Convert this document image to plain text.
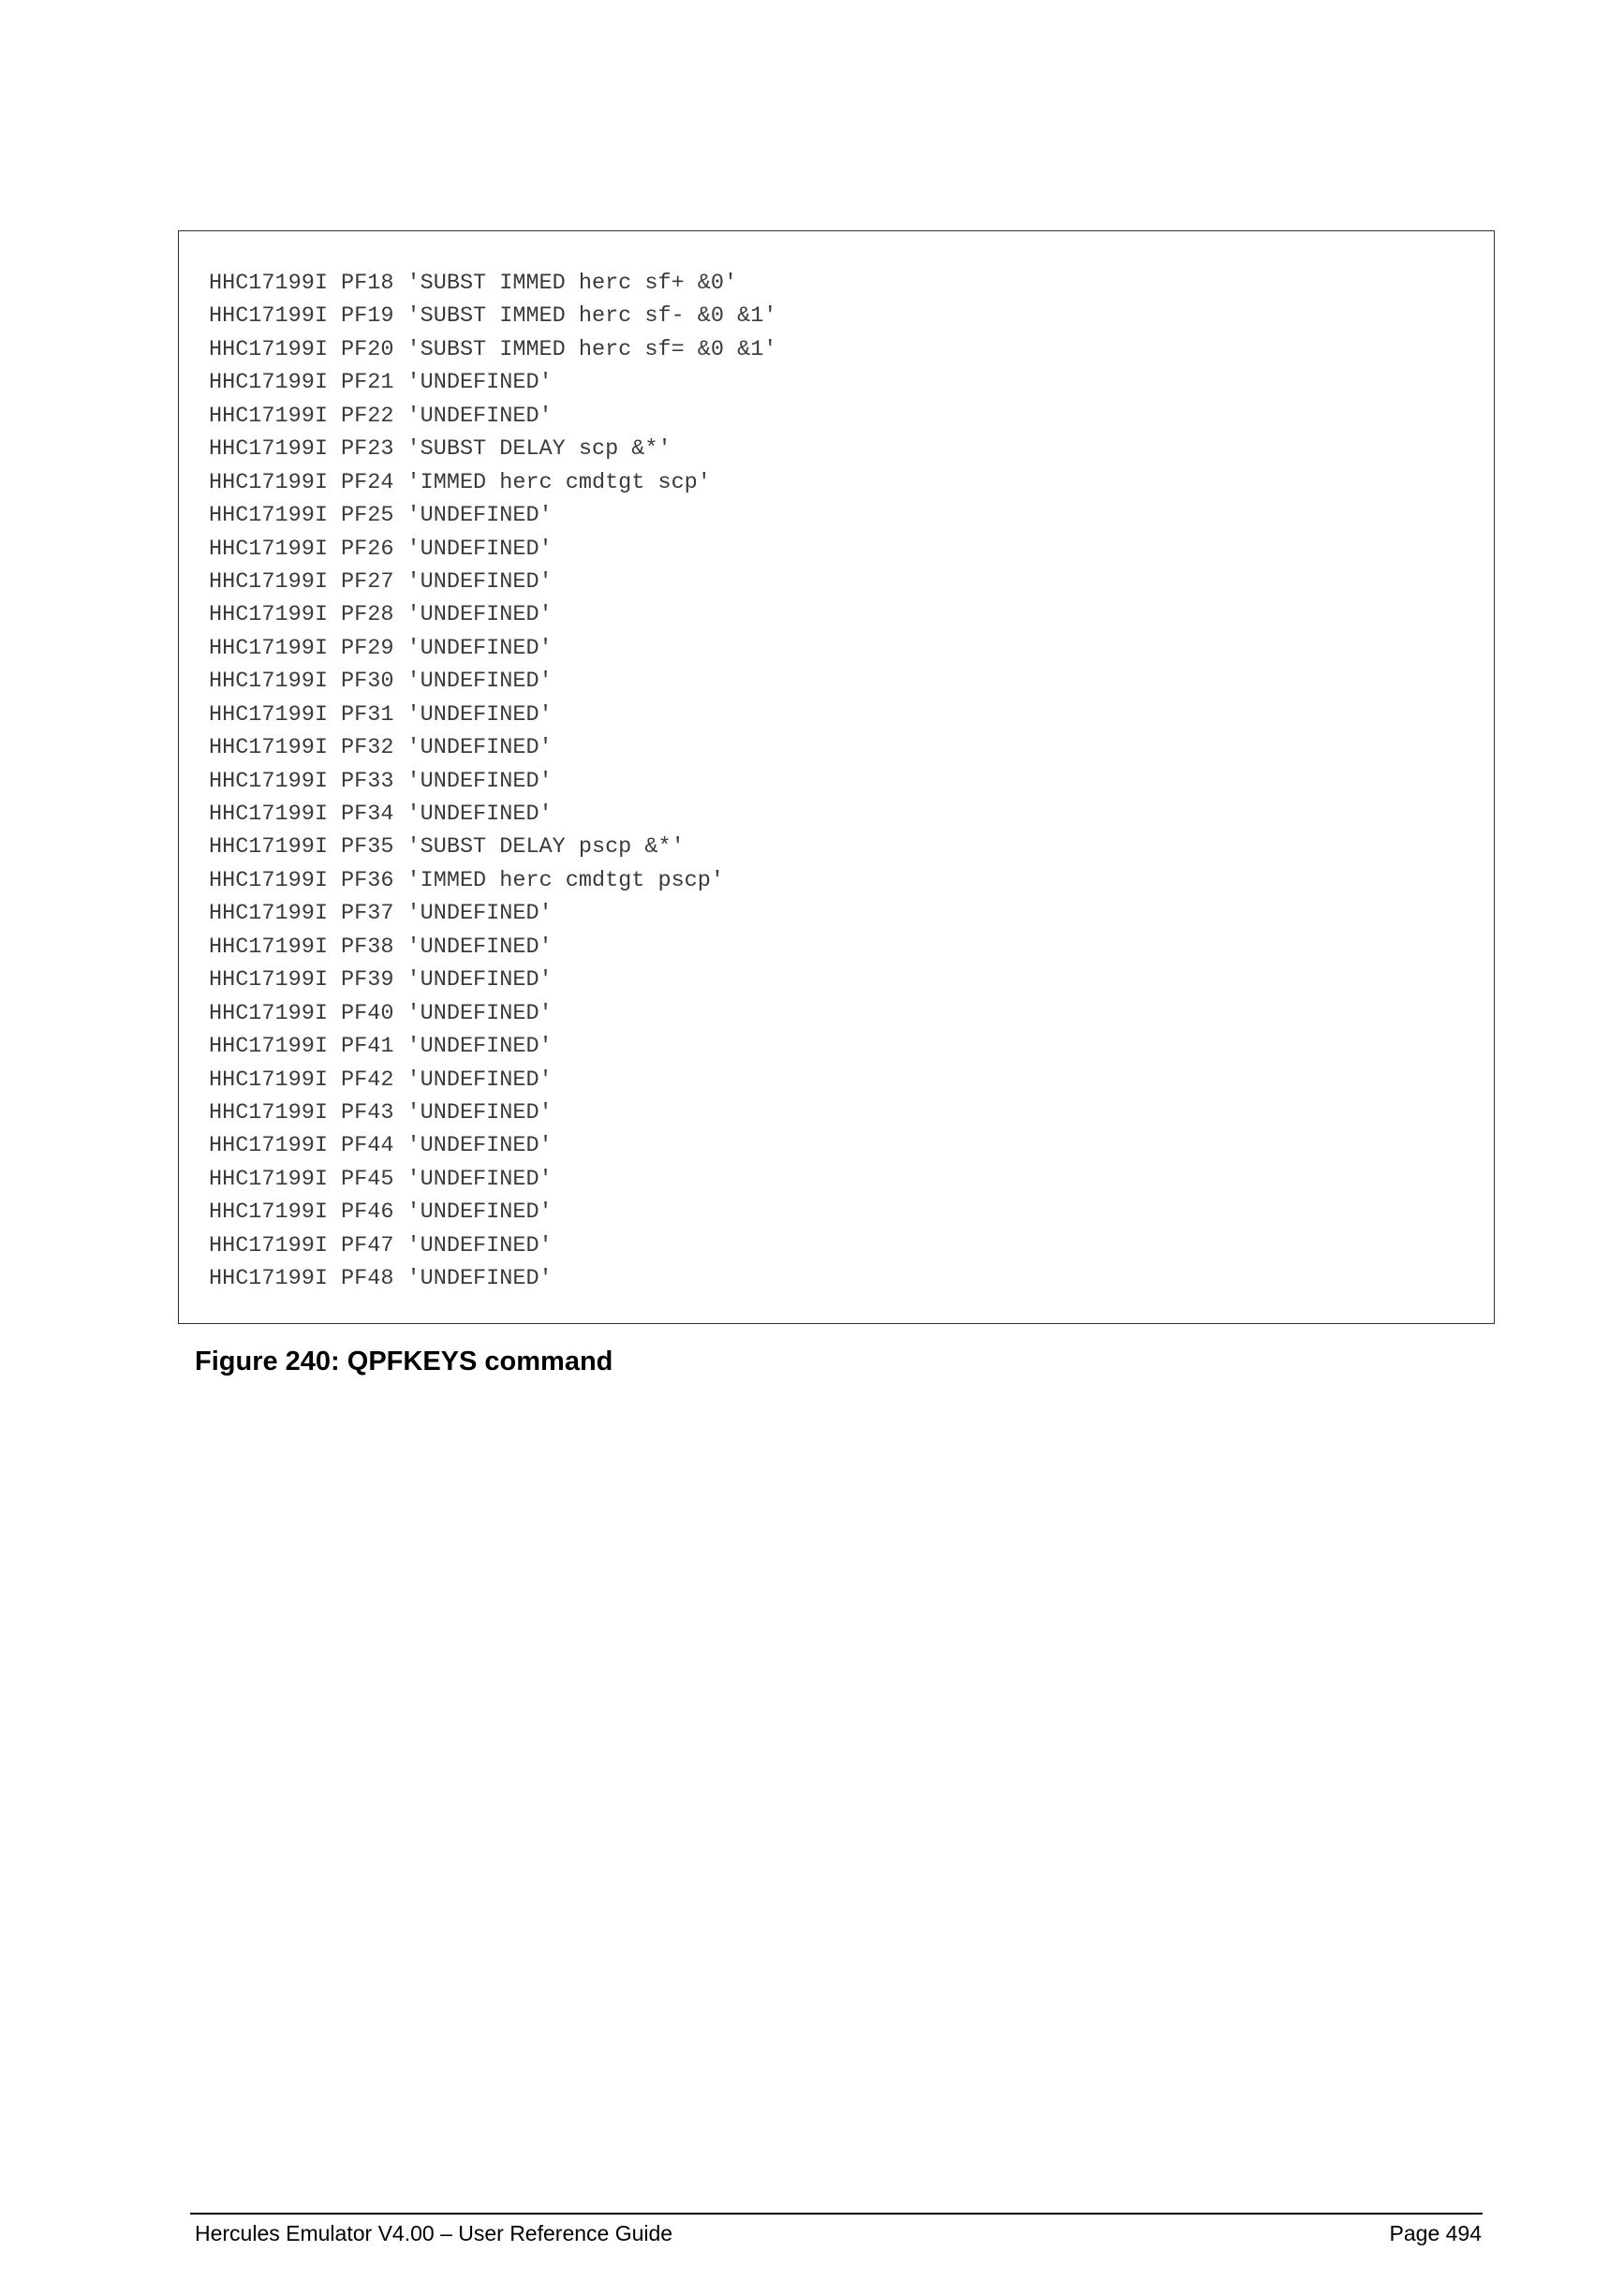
HHC17199I PF18 'SUBST IMMED herc sf+ &0'
HHC17199I PF19 'SUBST IMMED herc sf- &0 &1'
HHC17199I PF20 'SUBST IMMED herc sf= &0 &1'
HHC17199I PF21 'UNDEFINED'
HHC17199I PF22 'UNDEFINED'
HHC17199I PF23 'SUBST DELAY scp &*'
HHC17199I PF24 'IMMED herc cmdtgt scp'
HHC17199I PF25 'UNDEFINED'
HHC17199I PF26 'UNDEFINED'
HHC17199I PF27 'UNDEFINED'
HHC17199I PF28 'UNDEFINED'
HHC17199I PF29 'UNDEFINED'
HHC17199I PF30 'UNDEFINED'
HHC17199I PF31 'UNDEFINED'
HHC17199I PF32 'UNDEFINED'
HHC17199I PF33 'UNDEFINED'
HHC17199I PF34 'UNDEFINED'
HHC17199I PF35 'SUBST DELAY pscp &*'
HHC17199I PF36 'IMMED herc cmdtgt pscp'
HHC17199I PF37 'UNDEFINED'
HHC17199I PF38 'UNDEFINED'
HHC17199I PF39 'UNDEFINED'
HHC17199I PF40 'UNDEFINED'
HHC17199I PF41 'UNDEFINED'
HHC17199I PF42 'UNDEFINED'
HHC17199I PF43 'UNDEFINED'
HHC17199I PF44 'UNDEFINED'
HHC17199I PF45 'UNDEFINED'
HHC17199I PF46 'UNDEFINED'
HHC17199I PF47 'UNDEFINED'
HHC17199I PF48 'UNDEFINED'
Figure 240: QPFKEYS command
Hercules Emulator V4.00 – User Reference Guide	Page 494
